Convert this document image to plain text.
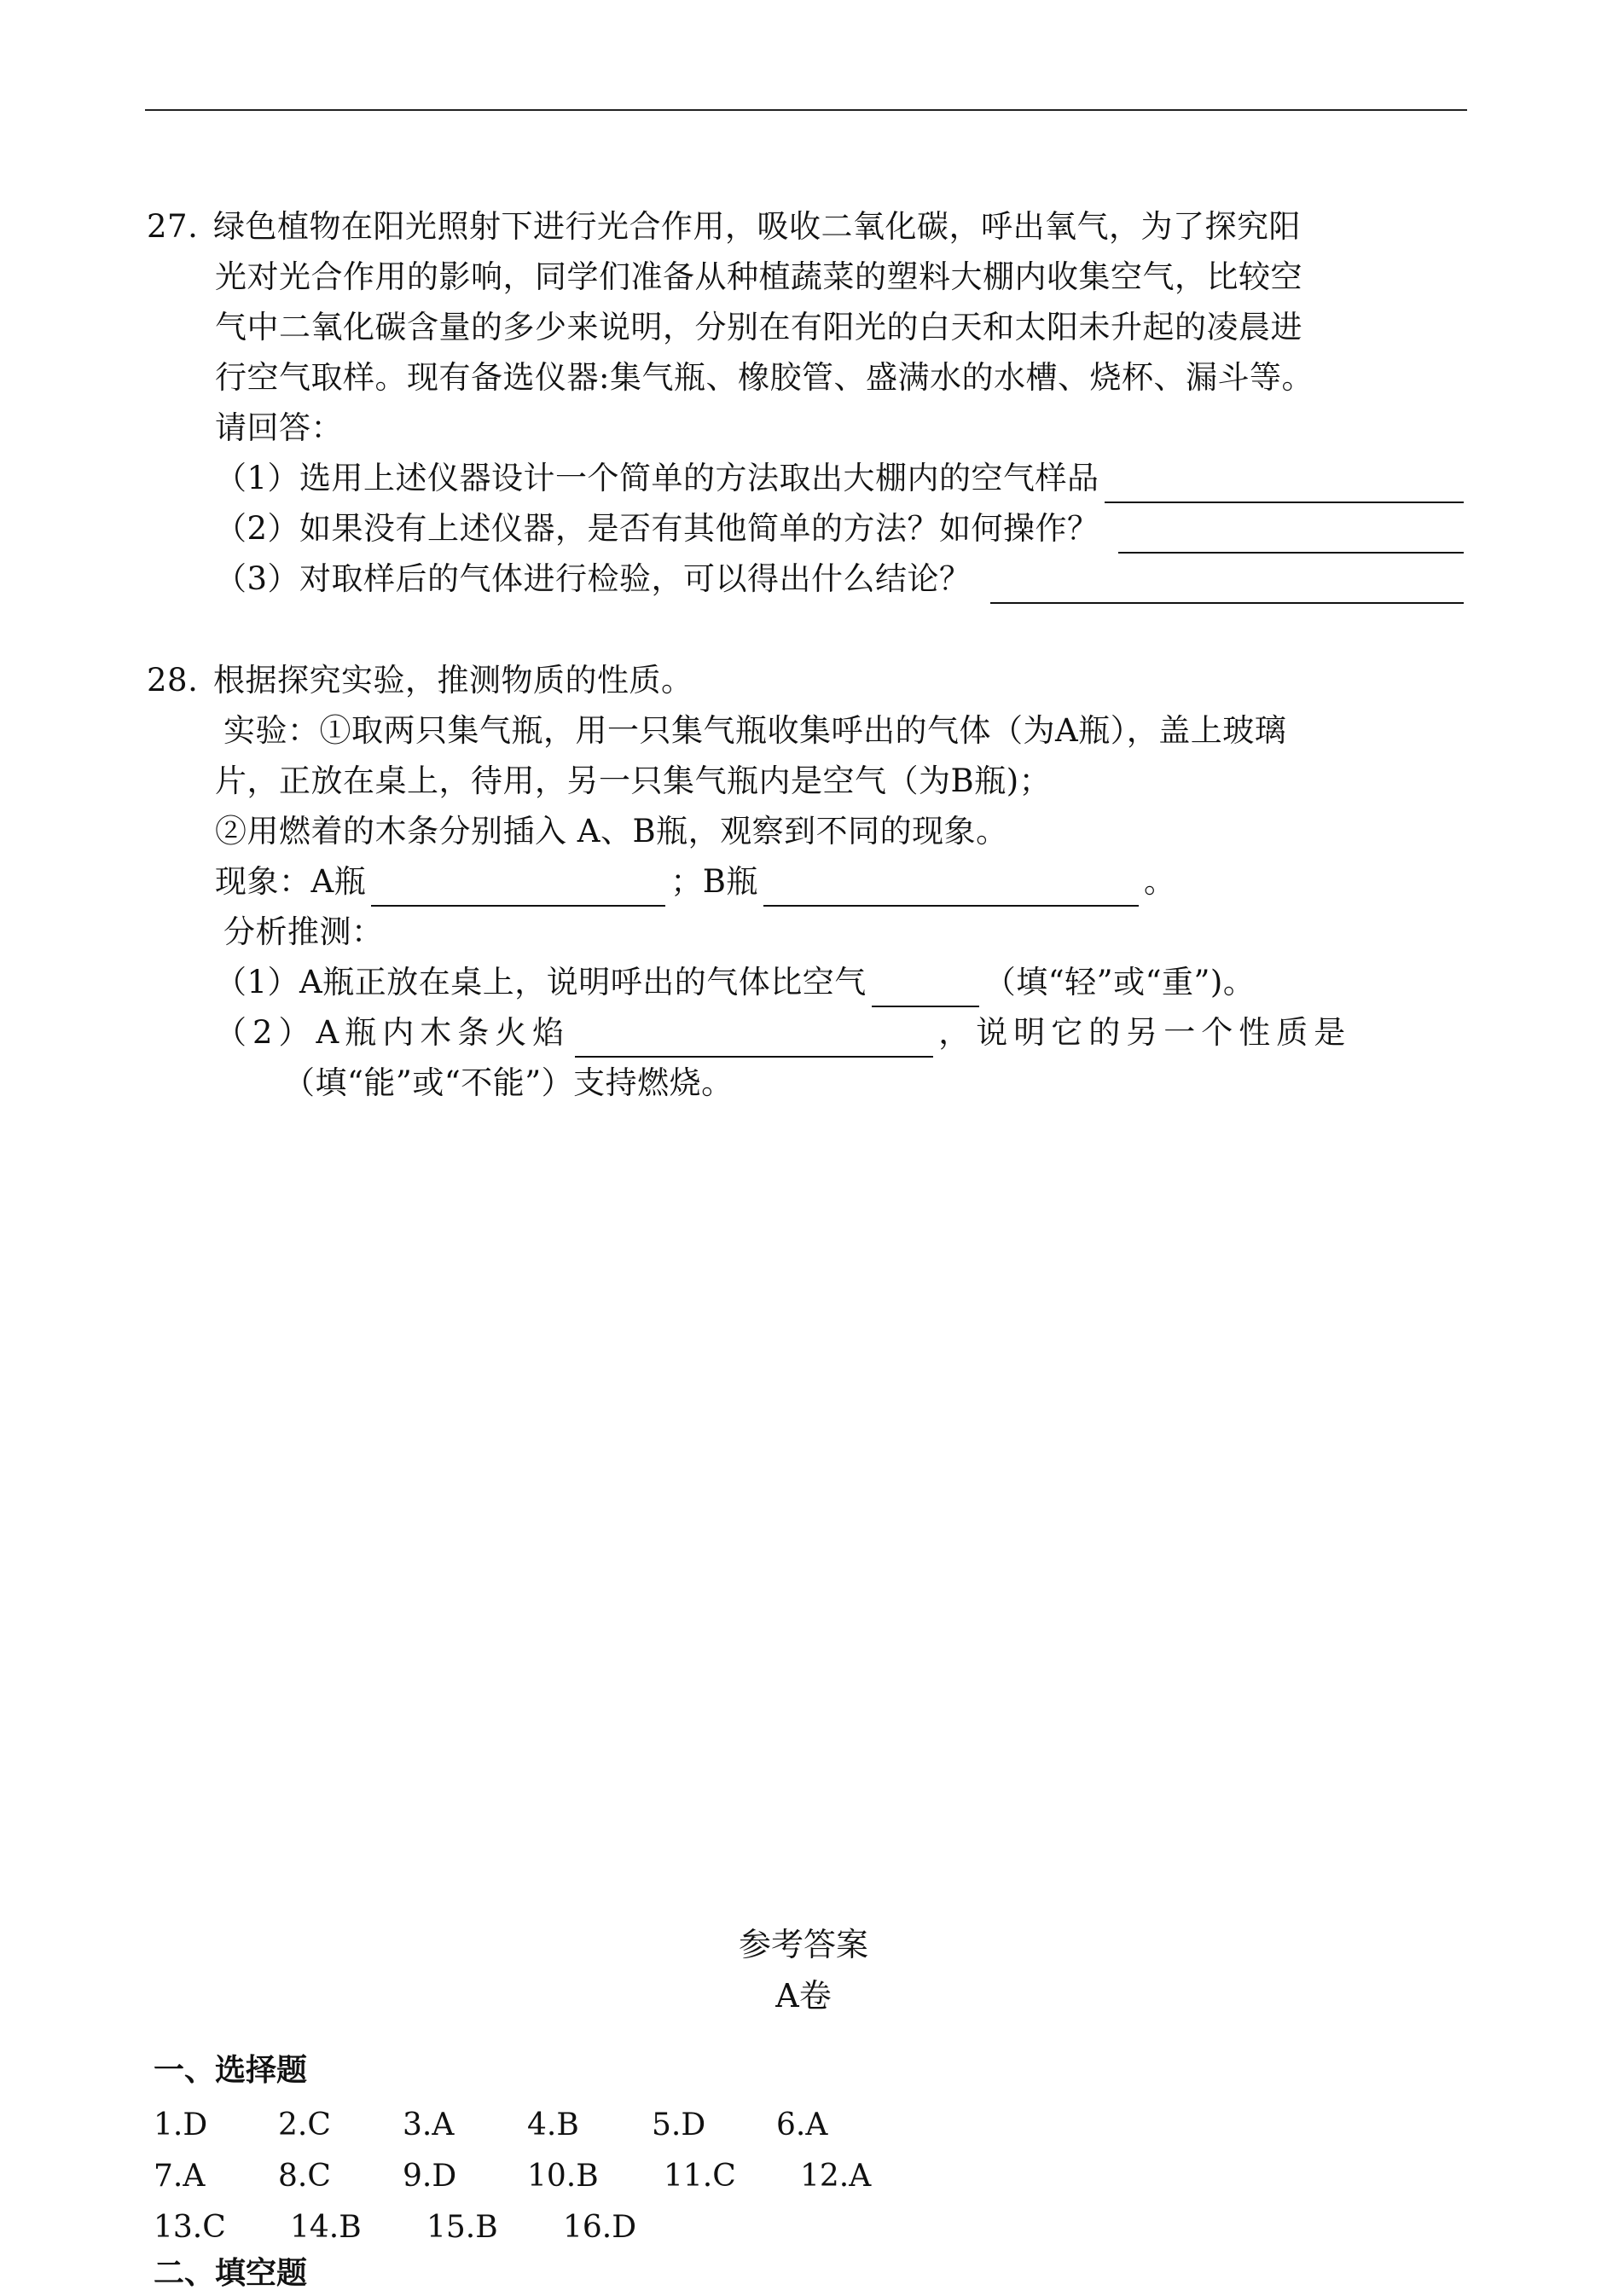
27. 绿色植物在阳光照射下进行光合作用，吸收二氧化碳，呼出氧气，为了探究阳
光对光合作用的影响，同学们准备从种植蔬菜的塑料大棚内收集空气，比较空
气中二氧化碳含量的多少来说明，分别在有阳光的白天和太阳未升起的凌晨进
行空气取样。现有备选仪器:集气瓶、橡胶管、盛满水的水槽、烧杯、漏斗等。
请回答：
（1）选用上述仪器设计一个简单的方法取出大棚内的空气样品
（2）如果没有上述仪器，是否有其他简单的方法？如何操作？
（3）对取样后的气体进行检验，可以得出什么结论？
28. 根据探究实验，推测物质的性质。
实验：①取两只集气瓶，用一只集气瓶收集呼出的气体（为A瓶），盖上玻璃
片，正放在桌上，待用，另一只集气瓶内是空气（为B瓶)；
②用燃着的木条分别插入 A、B瓶，观察到不同的现象。
现象：A瓶	；B瓶	。
分析推测：
（1）A瓶正放在桌上，说明呼出的气体比空气	（填“轻”或“重”)。
（2）A瓶内木条火焰	，说明它的另一个性质是
（填“能”或“不能”）支持燃烧。
参考答案
A卷
一、选择题
1.D	2.C	3.A	4.B	5.D	6.A
7.A	8.C	9.D	10.B	11.C	12.A
13.C	14.B	15.B	16.D
二、填空题
